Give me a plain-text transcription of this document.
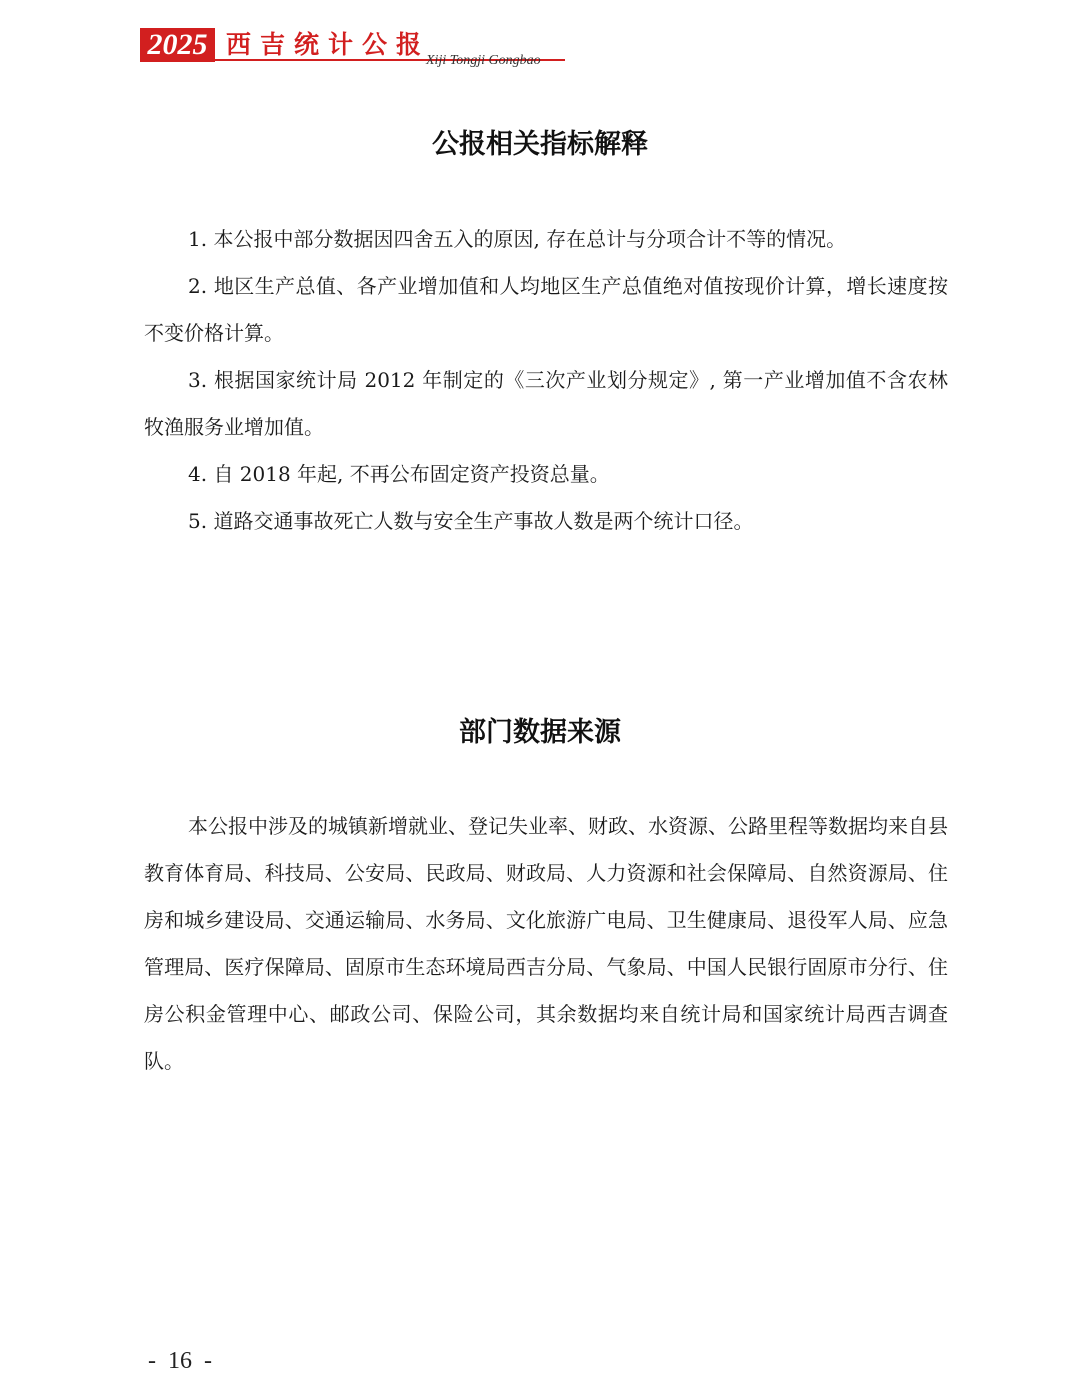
2025 西吉统计公报
Xiji Tongji Gongbao
公报相关指标解释

1. 本公报中部分数据因四舍五入的原因, 存在总计与分项合计不等的情况。

2. 地区生产总值、各产业增加值和人均地区生产总值绝对值按现价计算，增长速度按不变价格计算。

3. 根据国家统计局 2012 年制定的《三次产业划分规定》, 第一产业增加值不含农林牧渔服务业增加值。

4. 自 2018 年起, 不再公布固定资产投资总量。

5. 道路交通事故死亡人数与安全生产事故人数是两个统计口径。

部门数据来源

本公报中涉及的城镇新增就业、登记失业率、财政、水资源、公路里程等数据均来自县教育体育局、科技局、公安局、民政局、财政局、人力资源和社会保障局、自然资源局、住房和城乡建设局、交通运输局、水务局、文化旅游广电局、卫生健康局、退役军人局、应急管理局、医疗保障局、固原市生态环境局西吉分局、气象局、中国人民银行固原市分行、住房公积金管理中心、邮政公司、保险公司，其余数据均来自统计局和国家统计局西吉调查队。

- 16 -
